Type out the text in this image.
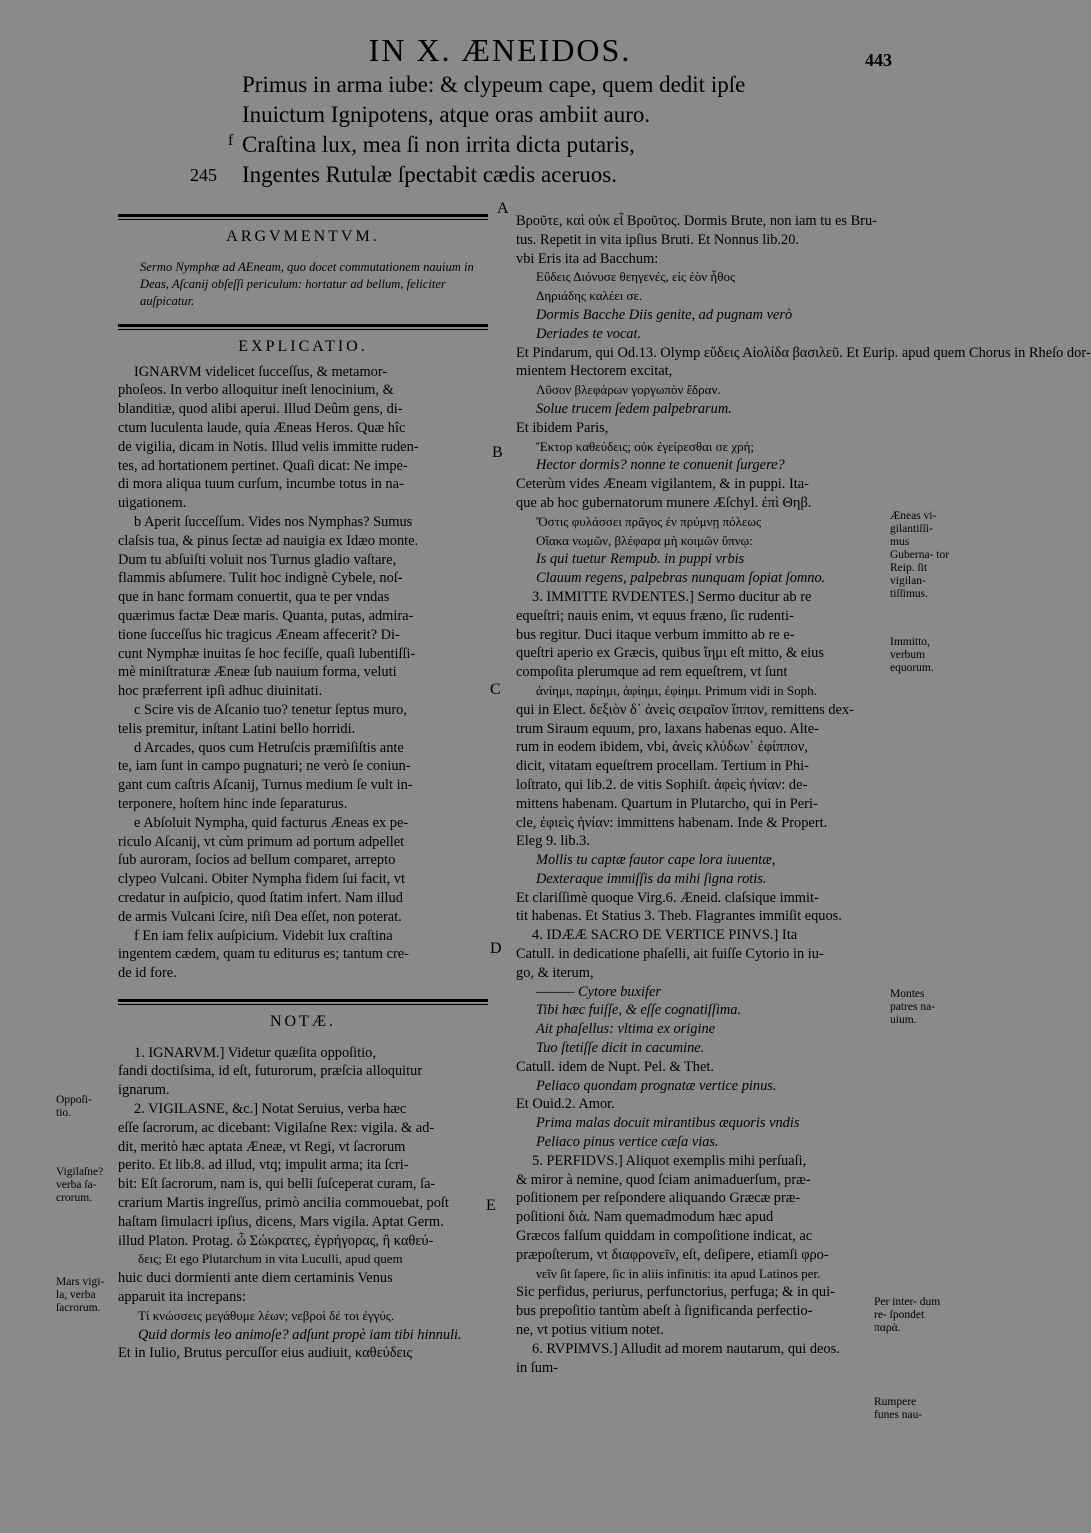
IN X. ÆNEIDOS.	443
Primus in arma iube: & clypeum cape, quem dedit ipſe
Inuictum Ignipotens, atque oras ambiit auro.
f Craſtina lux, mea ſi non irrita dicta putaris,
245 Ingentes Rutulæ ſpectabit cædis aceruos.
ARGVMENTVM.
Sermo Nymphæ ad AEneam, quo docet commutationem nauium in Deas, Aſcanij obſeſſi periculum: hortatur ad bellum, feliciter auſpicatur.
EXPLICATIO.
IGNARVM videlicet ſucceſſus, & metamor-
phoſeos. In verbo alloquitur ineſt lenocinium, &
blanditiæ, quod alibi aperui. Illud Deûm gens, di-
ctum luculenta laude, quia Æneas Heros. Quæ hîc
de vigilia, dicam in Notis. Illud velis immitte ruden-
tes, ad hortationem pertinet. Quaſi dicat: Ne impe-
di mora aliqua tuum curſum, incumbe totus in na-
uigationem.
b Aperit ſucceſſum. Vides nos Nymphas? Sumus
claſsis tua, & pinus ſectæ ad nauigia ex Idæo monte.
Dum tu abſuiſti voluit nos Turnus gladio vaſtare,
flammis abſumere. Tulit hoc indignè Cybele, noſ-
que in hanc formam conuertit, qua te per vndas
quærimus factæ Deæ maris. Quanta, putas, admira-
tione ſucceſſus hic tragicus Æneam affecerit? Di-
cunt Nymphæ inuitas ſe hoc feciſſe, quaſi lubentiſſi-
mè miniſtraturæ Æneæ ſub nauium forma, veluti
hoc præferrent ipſi adhuc diuinitati.
c Scire vis de Aſcanio tuo? tenetur ſeptus muro,
telis premitur, inſtant Latini bello horridi.
d Arcades, quos cum Hetruſcis præmiſiſtis ante
te, iam ſunt in campo pugnaturi; ne verò ſe coniun-
gant cum caſtris Aſcanij, Turnus medium ſe vult in-
terponere, hoſtem hinc inde ſeparaturus.
e Abſoluit Nympha, quid facturus Æneas ex pe-
riculo Aſcanij, vt cùm primum ad portum adpellet
ſub auroram, ſocios ad bellum comparet, arrepto
clypeo Vulcani. Obiter Nympha fidem ſui facit, vt
credatur in auſpicio, quod ſtatim infert. Nam illud
de armis Vulcani ſcire, niſi Dea eſſet, non poterat.
f En iam felix auſpicium. Videbit lux craſtina
ingentem cædem, quam tu editurus es; tantum cre-
de id fore.
NOTÆ.
1. IGNARVM.] Videtur quæſita oppoſitio,
fandi doctiſsima, id eſt, futurorum, præſcia alloquitur
ignarum.
2. VIGILASNE, &c.] Notat Seruius, verba hæc
eſſe ſacrorum, ac dicebant: Vigilaſne Rex: vigila. & ad-
dit, meritò hæc aptata Æneæ, vt Regi, vt ſacrorum
perito. Et lib.8. ad illud, vtq; impulit arma; ita ſcri-
bit: Eſt ſacrorum, nam is, qui belli ſuſceperat curam, ſa-
crarium Martis ingreſſus, primò ancilia commouebat, poſt
haſtam ſimulacri ipſius, dicens, Mars vigila. Aptat Germ.
illud Platon. Protag. ὦ Σώκρατες, ἐγρήγορας, ἢ καθεύ-
δεις; Et ego Plutarchum in vita Luculli, apud quem
huic duci dormienti ante diem certaminis Venus
apparuit ita increpans:
Τί κνώσσεις μεγάθυμε λέων; νεβροὶ δέ τοι ἐγγύς.
Quid dormis leo animoſe? adſunt propè iam tibi hinnuli.
Et in Iulio, Brutus percuſſor eius audiuit, καθεύδεις
Βροῦτε, καὶ οὐκ εἶ Βροῦτος. Dormis Brute, non iam tu es Bru-
tus. Repetit in vita ipſius Bruti. Et Nonnus lib.20.
vbi Eris ita ad Bacchum:
Εὕδεις Διόνυσε θεηγενές, εἰς ἑὸν ἦθος
Δηριάδης καλέει σε.
Dormis Bacche Diis genite, ad pugnam verò
Deriades te vocat.
Et Pindarum, qui Od.13. Olymp εὕδεις Αἰολίδα βασιλεῦ. Et Eurip. apud quem Chorus in Rheſo dor-
mientem Hectorem excitat,
Λῦσον βλεφάρων γοργωπὸν ἕδραν.
Solue trucem ſedem palpebrarum.
Et ibidem Paris,
Ἕκτορ καθεύδεις; οὐκ ἐγείρεσθαι σε χρή;
Hector dormis? nonne te conuenit ſurgere?
Ceterùm vides Æneam vigilantem, & in puppi. Ita-
que ab hoc gubernatorum munere Æſchyl. ἐπὶ Θηβ.
Ὅστις φυλάσσει πρᾶγος ἐν πρύμνῃ πόλεως
Οἴακα νωμῶν, βλέφαρα μὴ κοιμῶν ὕπνῳ:
Is qui tuetur Rempub. in puppi vrbis
Clauum regens, palpebras nunquam ſopiat ſomno.
3. IMMITTE RVDENTES.] Sermo ducitur ab re
equeſtri; nauis enim, vt equus fræno, ſic rudenti-
bus regitur. Duci itaque verbum immitto ab re e-
queſtri aperio ex Græcis, quibus ἵημι eſt mitto, & eius
compoſita plerumque ad rem equeſtrem, vt ſunt
ἀνίημι, παρίημι, ἀφίημι, ἐφίημι. Primum vidi in Soph.
qui in Elect. δεξιὸν δ᾽ ἀνεὶς σειραῖον ἵππον, remittens dex-
trum Siraum equum, pro, laxans habenas equo. Alte-
rum in eodem ibidem, vbi, ἀνεὶς κλύδων᾽ ἐφίππον,
dicit, vitatam equeſtrem procellam. Tertium in Phi-
loſtrato, qui lib.2. de vitis Sophiſt. ἀφεὶς ἡνίαν: de-
mittens habenam. Quartum in Plutarcho, qui in Peri-
cle, ἐφιεὶς ἡνίαν: immittens habenam. Inde & Propert.
Eleg 9. lib.3.
Mollis tu captæ fautor cape lora iuuentæ,
Dexteraque immiſſis da mihi ſigna rotis.
Et clariſſimè quoque Virg.6. Æneid. claſsique immit-
tit habenas. Et Statius 3. Theb. Flagrantes immiſit equos.
4. IDÆÆ SACRO DE VERTICE PINVS.] Ita
Catull. in dedicatione phaſelli, ait fuiſſe Cytorio in iu-
go, & iterum,
——— Cytore buxifer
Tibi hæc fuiſſe, & eſſe cognatiſſima.
Ait phaſellus: vltima ex origine
Tuo ſtetiſſe dicit in cacumine.
Catull. idem de Nupt. Pel. & Thet.
Peliaco quondam prognatæ vertice pinus.
Et Ouid.2. Amor.
Prima malas docuit mirantibus æquoris vndis
Peliaco pinus vertice cæſa vias.
5. PERFIDVS.] Aliquot exemplis mihi perſuaſi,
& miror à nemine, quod ſciam animaduerſum, præ-
poſitionem per reſpondere aliquando Græcæ præ-
poſitioni διὰ. Nam quemadmodum hæc apud
Græcos falſum quiddam in compoſitione indicat, ac
præpoſterum, vt διαφρονεῖν, eſt, deſipere, etiamſi φρο-
νεῖν ſit ſapere, ſic in aliis infinitis: ita apud Latinos per.
Sic perfidus, periurus, perfunctorius, perfuga; & in qui-
bus prepoſitio tantùm abeſt à ſignificanda perfectio-
ne, vt potius vitium notet.
6. RVPIMVS.] Alludit ad morem nautarum, qui deos.
in ſum-
A
B
C
D
E
Æneas vi- gilantiſſi- mus Guberna- tor Reip. ſit vigilan- tiſſimus.
Immitto, verbum equorum.
Montes patres na- uium.
Per inter- dum re- ſpondet παρὰ.
Rumpere funes nau-
Oppoſi- tio.
Vigilaſne? verba ſa- crorum.
Mars vigi- la, verba ſacrorum.
